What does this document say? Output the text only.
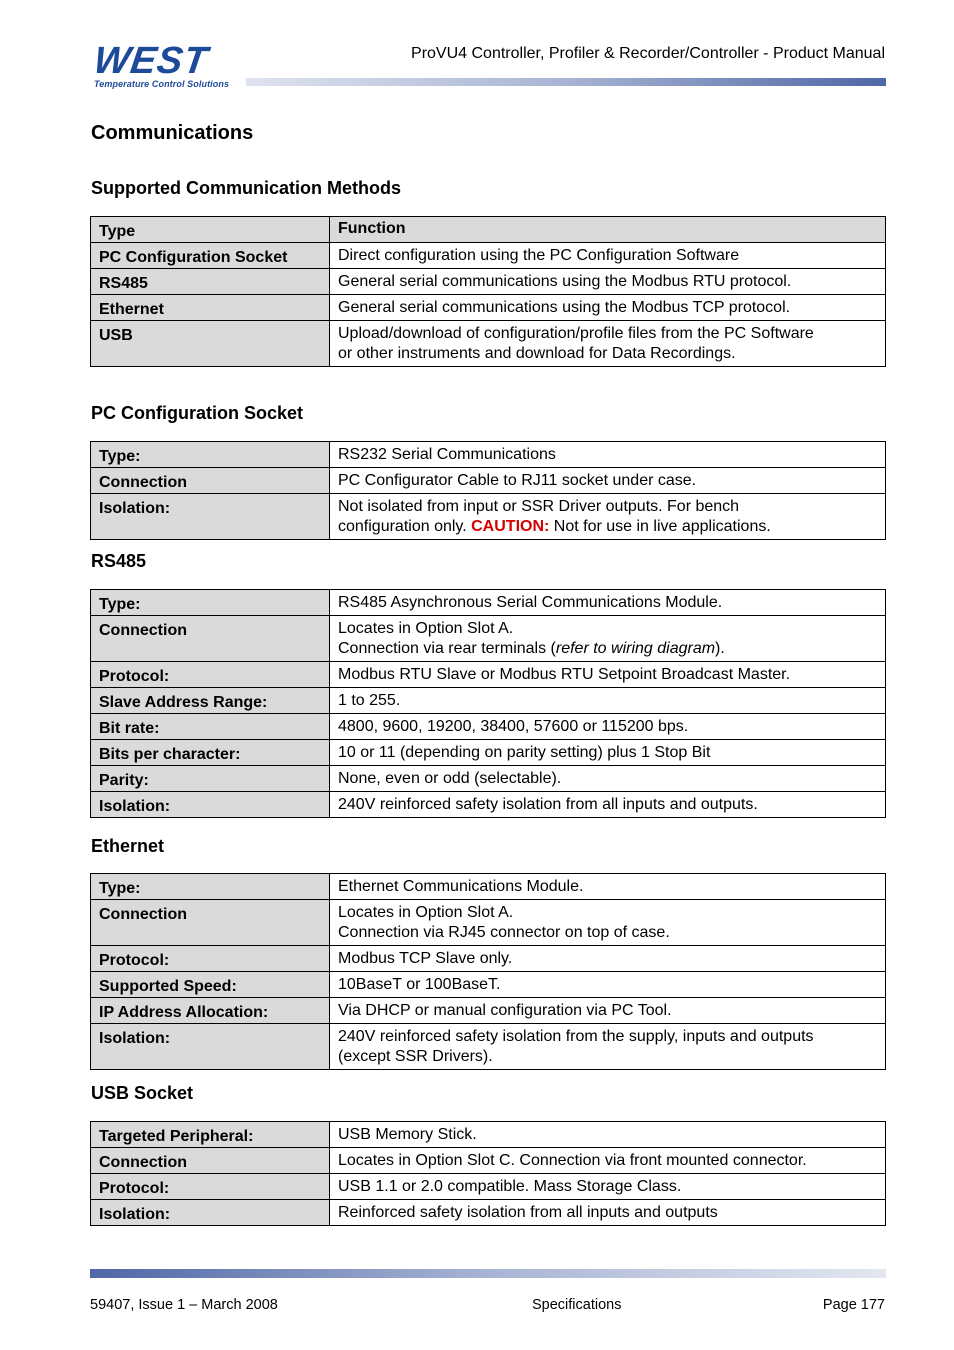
WEST
Temperature Control Solutions
ProVU4 Controller, Profiler & Recorder/Controller - Product Manual
Communications
Supported Communication Methods
Type	Function
PC Configuration Socket	Direct configuration using the PC Configuration Software
RS485	General serial communications using the Modbus RTU protocol.
Ethernet	General serial communications using the Modbus TCP protocol.
USB	Upload/download of configuration/profile files from the PC Software
or other instruments and download for Data Recordings.
PC Configuration Socket
Type:	RS232 Serial Communications
Connection	PC Configurator Cable to RJ11 socket under case.
Isolation:	Not isolated from input or SSR Driver outputs. For bench
configuration only. CAUTION: Not for use in live applications.
RS485
Type:	RS485 Asynchronous Serial Communications Module.
Connection	Locates in Option Slot A.
Connection via rear terminals (refer to wiring diagram).
Protocol:	Modbus RTU Slave or Modbus RTU Setpoint Broadcast Master.
Slave Address Range:	1 to 255.
Bit rate:	4800, 9600, 19200, 38400, 57600 or 115200 bps.
Bits per character:	10 or 11 (depending on parity setting) plus 1 Stop Bit
Parity:	None, even or odd (selectable).
Isolation:	240V reinforced safety isolation from all inputs and outputs.
Ethernet
Type:	Ethernet Communications Module.
Connection	Locates in Option Slot A.
Connection via RJ45 connector on top of case.
Protocol:	Modbus TCP Slave only.
Supported Speed:	10BaseT or 100BaseT.
IP Address Allocation:	Via DHCP or manual configuration via PC Tool.
Isolation:	240V reinforced safety isolation from the supply, inputs and outputs
(except SSR Drivers).
USB Socket
Targeted Peripheral:	USB Memory Stick.
Connection	Locates in Option Slot C. Connection via front mounted connector.
Protocol:	USB 1.1 or 2.0 compatible. Mass Storage Class.
Isolation:	Reinforced safety isolation from all inputs and outputs
59407, Issue 1 – March 2008	Specifications	Page 177
